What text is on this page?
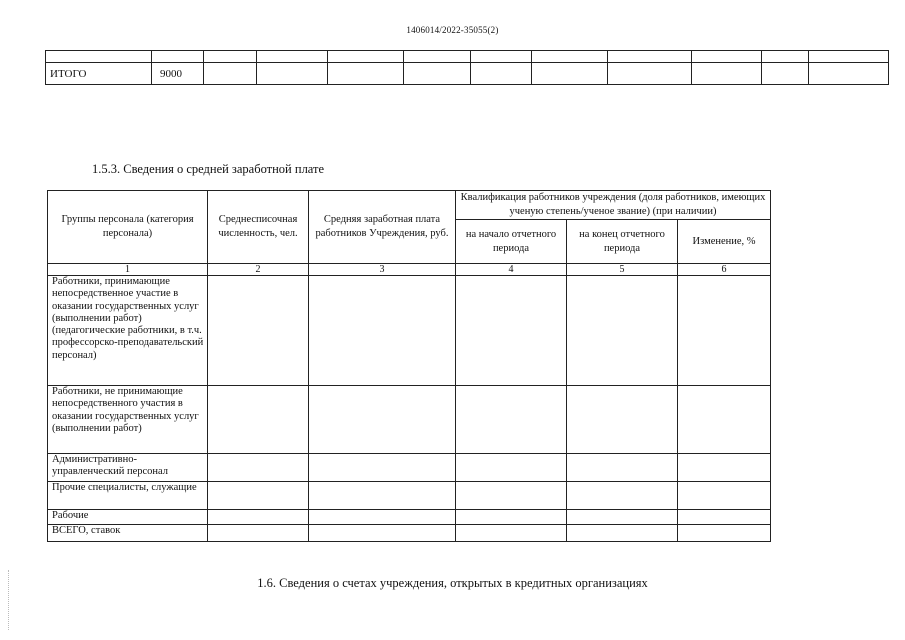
1406014/2022-35055(2)

ИТОГО	9000										
1.5.3. Сведения о средней заработной плате
Группы персонала (категория персонала)	Среднесписочная численность, чел.	Средняя заработная плата работников Учреждения, руб.	Квалификация работников учреждения (доля работников, имеющих ученую степень/ученое звание) (при наличии)		
			на начало отчетного периода	на конец отчетного периода	Изменение, %
1	2	3	4	5	6
Работники, принимающие непосредственное участие в оказании государственных услуг (выполнении работ) (педагогические работники, в т.ч. профессорско-преподавательский персонал)					
Работники, не принимающие непосредственного участия в оказании государственных услуг (выполнении работ)					
Административно-управленческий персонал					
Прочие специалисты, служащие					
Рабочие					
ВСЕГО, ставок					
1.6. Сведения о счетах учреждения, открытых в кредитных организациях
